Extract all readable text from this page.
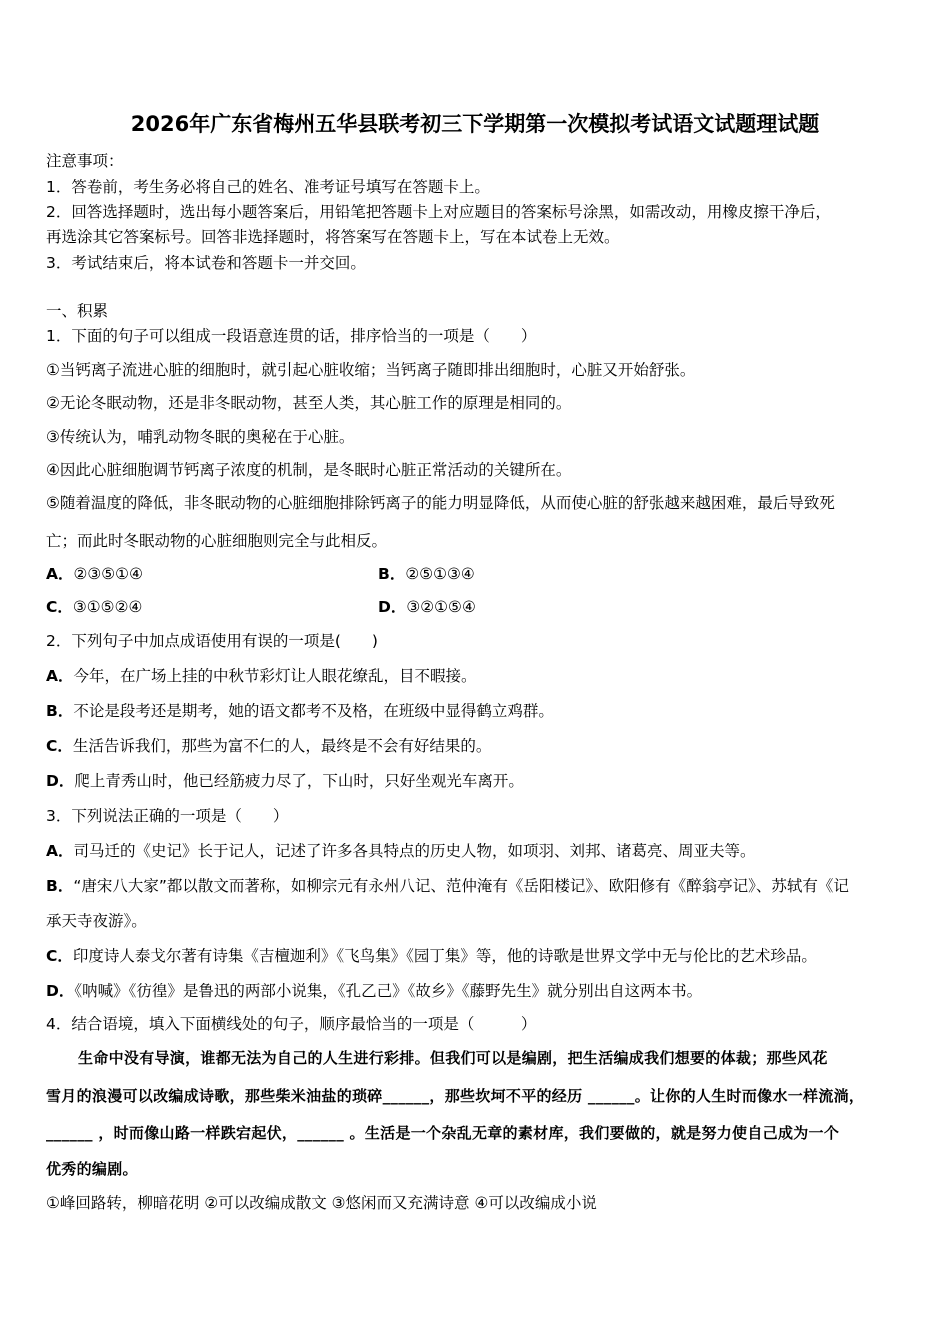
2026年广东省梅州五华县联考初三下学期第一次模拟考试语文试题理试题
注意事项：
1．答卷前，考生务必将自己的姓名、准考证号填写在答题卡上。
2．回答选择题时，选出每小题答案后，用铅笔把答题卡上对应题目的答案标号涂黑，如需改动，用橡皮擦干净后，
再选涂其它答案标号。回答非选择题时，将答案写在答题卡上，写在本试卷上无效。
3．考试结束后，将本试卷和答题卡一并交回。
一、积累
1．下面的句子可以组成一段语意连贯的话，排序恰当的一项是（　　）
①当钙离子流进心脏的细胞时，就引起心脏收缩；当钙离子随即排出细胞时，心脏又开始舒张。
②无论冬眠动物，还是非冬眠动物，甚至人类，其心脏工作的原理是相同的。
③传统认为，哺乳动物冬眠的奥秘在于心脏。
④因此心脏细胞调节钙离子浓度的机制，是冬眠时心脏正常活动的关键所在。
⑤随着温度的降低，非冬眠动物的心脏细胞排除钙离子的能力明显降低，从而使心脏的舒张越来越困难，最后导致死
亡；而此时冬眠动物的心脏细胞则完全与此相反。
A．②③⑤①④	B．②⑤①③④
C．③①⑤②④	D．③②①⑤④
2．下列句子中加点成语使用有误的一项是(　　)
A．今年，在广场上挂的中秋节彩灯让人眼花缭乱，目不暇接。
B．不论是段考还是期考，她的语文都考不及格，在班级中显得鹤立鸡群。
C．生活告诉我们，那些为富不仁的人，最终是不会有好结果的。
D．爬上青秀山时，他已经筋疲力尽了，下山时，只好坐观光车离开。
3．下列说法正确的一项是（　　）
A．司马迁的《史记》长于记人，记述了许多各具特点的历史人物，如项羽、刘邦、诸葛亮、周亚夫等。
B．“唐宋八大家”都以散文而著称，如柳宗元有永州八记、范仲淹有《岳阳楼记》、欧阳修有《醉翁亭记》、苏轼有《记
承天寺夜游》。
C．印度诗人泰戈尔著有诗集《吉檀迦利》《飞鸟集》《园丁集》等，他的诗歌是世界文学中无与伦比的艺术珍品。
D．《呐喊》《彷徨》是鲁迅的两部小说集，《孔乙己》《故乡》《藤野先生》就分别出自这两本书。
4．结合语境，填入下面横线处的句子，顺序最恰当的一项是（　　　）
生命中没有导演，谁都无法为自己的人生进行彩排。但我们可以是编剧，把生活编成我们想要的体裁；那些风花
雪月的浪漫可以改编成诗歌，那些柴米油盐的琐碎______，那些坎坷不平的经历 ______。让你的人生时而像水一样流淌，
______ ，时而像山路一样跌宕起伏，______ 。生活是一个杂乱无章的素材库，我们要做的，就是努力使自己成为一个
优秀的编剧。
①峰回路转，柳暗花明 ②可以改编成散文 ③悠闲而又充满诗意 ④可以改编成小说
